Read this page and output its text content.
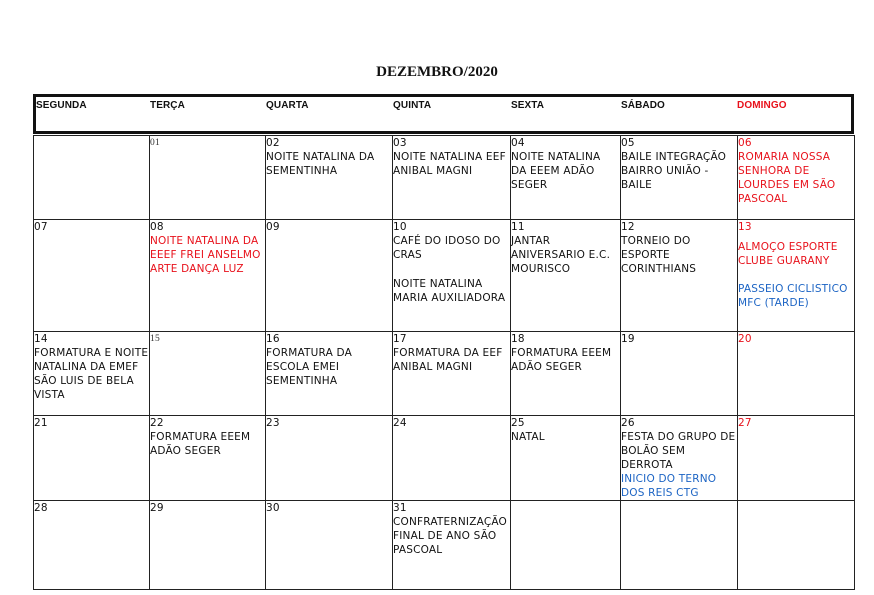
DEZEMBRO/2020
SEGUNDA	TERÇA	QUARTA	QUINTA	SEXTA	SÁBADO	DOMINGO

	01	02
NOITE NATALINA DA
SEMENTINHA	03
NOITE NATALINA EEF
ANIBAL MAGNI	04
NOITE NATALINA
DA EEEM ADÃO
SEGER	05
BAILE INTEGRAÇÃO
BAIRRO UNIÃO -
BAILE	06
ROMARIA NOSSA
SENHORA DE
LOURDES EM SÃO
PASCOAL

07	08
NOITE NATALINA DA
EEEF FREI ANSELMO
ARTE DANÇA LUZ	09	10
CAFÉ DO IDOSO DO
CRAS
NOITE NATALINA
MARIA AUXILIADORA	11
JANTAR
ANIVERSARIO E.C.
MOURISCO	12
TORNEIO DO
ESPORTE
CORINTHIANS	13
ALMOÇO ESPORTE
CLUBE GUARANY
PASSEIO CICLISTICO
MFC (TARDE)

14
FORMATURA E NOITE
NATALINA DA EMEF
SÃO LUIS DE BELA
VISTA	15	16
FORMATURA DA
ESCOLA EMEI
SEMENTINHA	17
FORMATURA DA EEF
ANIBAL MAGNI	18
FORMATURA EEEM
ADÃO SEGER	19	20

21	22
FORMATURA EEEM
ADÃO SEGER	23	24	25
NATAL	26
FESTA DO GRUPO DE
BOLÃO SEM DERROTA
INICIO DO TERNO
DOS REIS CTG	27

28	29	30	31
CONFRATERNIZAÇÃO
FINAL DE ANO SÃO
PASCOAL			
